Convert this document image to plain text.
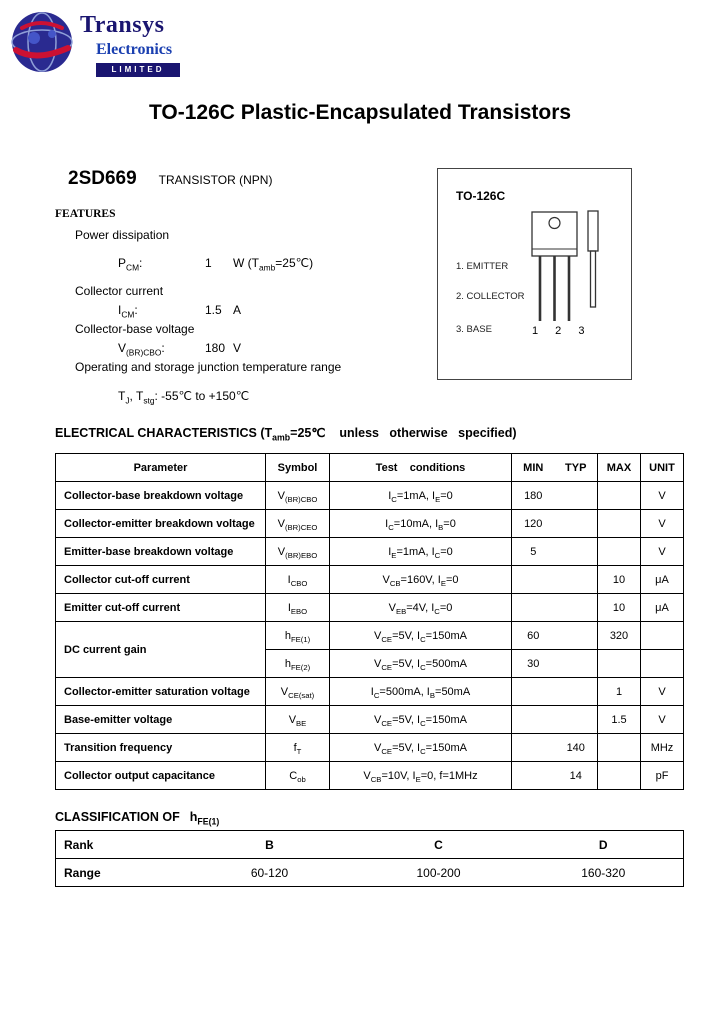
Transys
Electronics
LIMITED
TO-126C Plastic-Encapsulated Transistors
2SD669 TRANSISTOR (NPN)
FEATURES
Power dissipation
$P_{CM}$:	1 W $(T_{amb}=25℃)$
Collector current
$I_{CM}$:	1.5 A
Collector-base voltage
$V_{(BR)CBO}$:	180 V
Operating and storage junction temperature range
$T_J$, $T_{stg}$: -55℃ to +150℃
TO-126C
1. EMITTER
2. COLLECTOR
3. BASE	1 2 3
ELECTRICAL CHARACTERISTICS ($T_{amb}=25℃$ unless   otherwise   specified)
Parameter	Symbol	Test    conditions	MIN	TYP	MAX	UNIT
Collector-base breakdown voltage	$V_{(BR)CBO}$	$I_C=1mA$, $I_E=0$	180			V
Collector-emitter breakdown voltage	$V_{(BR)CEO}$	$I_C=10mA$, $I_B=0$	120			V
Emitter-base breakdown voltage	$V_{(BR)EBO}$	$I_E=1mA$, $I_C=0$	5			V
Collector cut-off current	$I_{CBO}$	$V_{CB}=160V$, $I_E=0$			10	μA
Emitter cut-off current	$I_{EBO}$	$V_{EB}=4V$, $I_C=0$			10	μA
DC current gain	$h_{FE(1)}$	$V_{CE}=5V$, $I_C=150mA$	60		320	
	$h_{FE(2)}$	$V_{CE}=5V$, $I_C=500mA$	30			
Collector-emitter saturation voltage	$V_{CE(sat)}$	$I_C=500mA$, $I_B=50mA$			1	V
Base-emitter voltage	$V_{BE}$	$V_{CE}=5V$, $I_C=150mA$			1.5	V
Transition frequency	$f_T$	$V_{CE}=5V$, $I_C=150mA$		140		MHz
Collector output capacitance	$C_{ob}$	$V_{CB}=10V$, $I_E=0$, f=1MHz		14		pF
CLASSIFICATION OF $h_{FE(1)}$
Rank	B	C	D
Range	60-120	100-200	160-320
